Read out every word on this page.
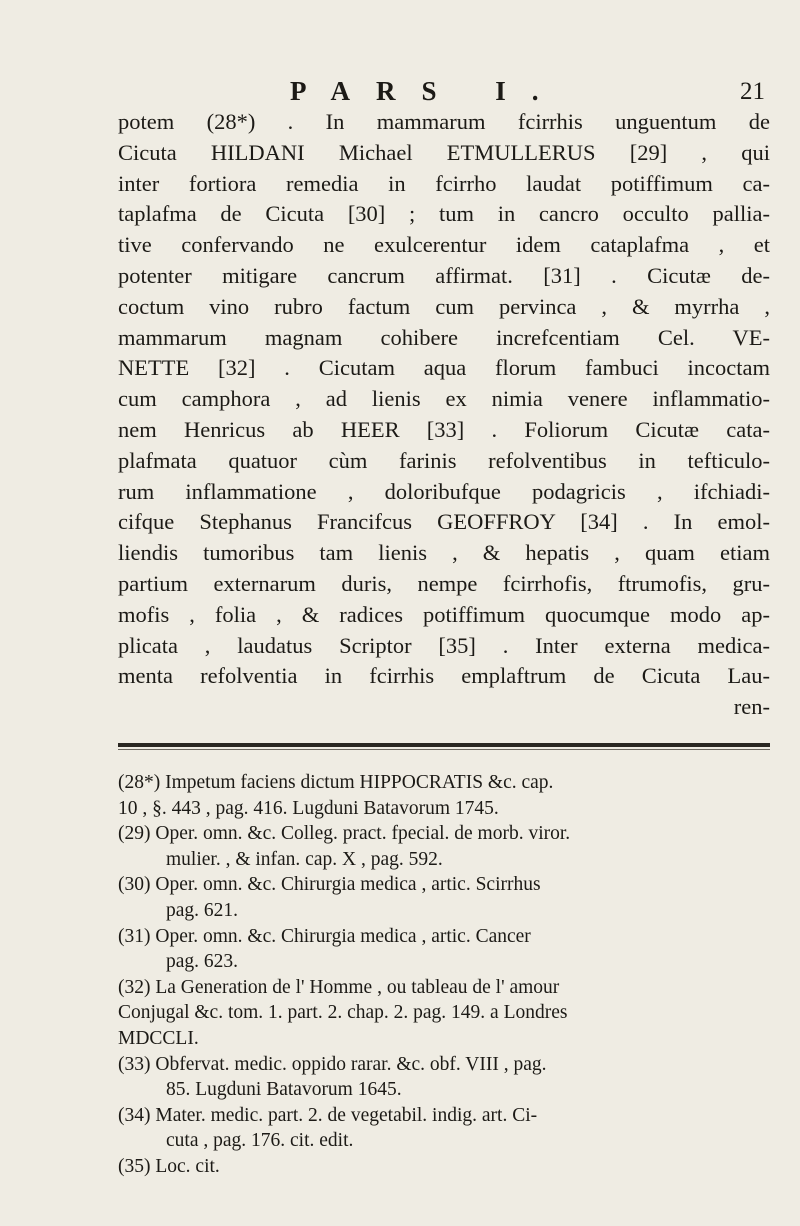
PARS I.	21
potem (28*) . In mammarum fcirrhis unguentum de
Cicuta HILDANI Michael ETMULLERUS [29] , qui
inter fortiora remedia in fcirrho laudat potiffimum ca-
taplafma de Cicuta [30] ; tum in cancro occulto pallia-
tive confervando ne exulcerentur idem cataplafma , et
potenter mitigare cancrum affirmat. [31] . Cicutæ de-
coctum vino rubro factum cum pervinca , & myrrha ,
mammarum magnam cohibere increfcentiam Cel. VE-
NETTE [32] . Cicutam aqua florum fambuci incoctam
cum camphora , ad lienis ex nimia venere inflammatio-
nem Henricus ab HEER [33] . Foliorum Cicutæ cata-
plafmata quatuor cùm farinis refolventibus in tefticulo-
rum inflammatione , doloribufque podagricis , ifchiadi-
cifque Stephanus Francifcus GEOFFROY [34] . In emol-
liendis tumoribus tam lienis , & hepatis , quam etiam
partium externarum duris, nempe fcirrhofis, ftrumofis, gru-
mofis , folia , & radices potiffimum quocumque modo ap-
plicata , laudatus Scriptor [35] . Inter externa medica-
menta refolventia in fcirrhis emplaftrum de Cicuta Lau-
ren-
(28*) Impetum faciens dictum HIPPOCRATIS &c. cap.
10 , §. 443 , pag. 416. Lugduni Batavorum 1745.
(29) Oper. omn. &c. Colleg. pract. fpecial. de morb. viror.
mulier. , & infan. cap. X , pag. 592.
(30) Oper. omn. &c. Chirurgia medica , artic. Scirrhus
pag. 621.
(31) Oper. omn. &c. Chirurgia medica , artic. Cancer
pag. 623.
(32) La Generation de l' Homme , ou tableau de l' amour
Conjugal &c. tom. 1. part. 2. chap. 2. pag. 149. a Londres
MDCCLI.
(33) Obfervat. medic. oppido rarar. &c. obf. VIII , pag.
85. Lugduni Batavorum 1645.
(34) Mater. medic. part. 2. de vegetabil. indig. art. Ci-
cuta , pag. 176. cit. edit.
(35) Loc. cit.
